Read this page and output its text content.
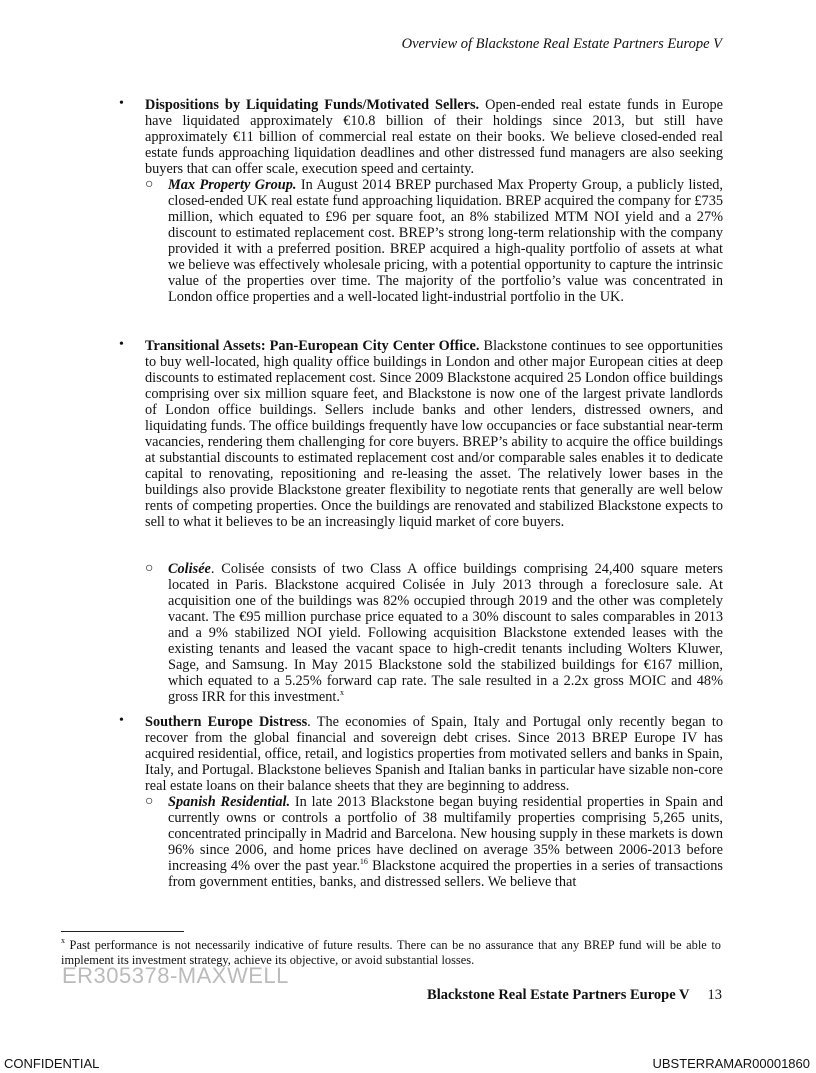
Overview of Blackstone Real Estate Partners Europe V
• Dispositions by Liquidating Funds/Motivated Sellers. Open-ended real estate funds in Europe have liquidated approximately €10.8 billion of their holdings since 2013, but still have approximately €11 billion of commercial real estate on their books. We believe closed-ended real estate funds approaching liquidation deadlines and other distressed fund managers are also seeking buyers that can offer scale, execution speed and certainty.
○ Max Property Group. In August 2014 BREP purchased Max Property Group, a publicly listed, closed-ended UK real estate fund approaching liquidation. BREP acquired the company for £735 million, which equated to £96 per square foot, an 8% stabilized MTM NOI yield and a 27% discount to estimated replacement cost. BREP’s strong long-term relationship with the company provided it with a preferred position. BREP acquired a high-quality portfolio of assets at what we believe was effectively wholesale pricing, with a potential opportunity to capture the intrinsic value of the properties over time. The majority of the portfolio’s value was concentrated in London office properties and a well-located light-industrial portfolio in the UK.
• Transitional Assets: Pan-European City Center Office. Blackstone continues to see opportunities to buy well-located, high quality office buildings in London and other major European cities at deep discounts to estimated replacement cost. Since 2009 Blackstone acquired 25 London office buildings comprising over six million square feet, and Blackstone is now one of the largest private landlords of London office buildings. Sellers include banks and other lenders, distressed owners, and liquidating funds. The office buildings frequently have low occupancies or face substantial near-term vacancies, rendering them challenging for core buyers. BREP’s ability to acquire the office buildings at substantial discounts to estimated replacement cost and/or comparable sales enables it to dedicate capital to renovating, repositioning and re-leasing the asset. The relatively lower bases in the buildings also provide Blackstone greater flexibility to negotiate rents that generally are well below rents of competing properties. Once the buildings are renovated and stabilized Blackstone expects to sell to what it believes to be an increasingly liquid market of core buyers.
○ Colisée. Colisée consists of two Class A office buildings comprising 24,400 square meters located in Paris. Blackstone acquired Colisée in July 2013 through a foreclosure sale. At acquisition one of the buildings was 82% occupied through 2019 and the other was completely vacant. The €95 million purchase price equated to a 30% discount to sales comparables in 2013 and a 9% stabilized NOI yield. Following acquisition Blackstone extended leases with the existing tenants and leased the vacant space to high-credit tenants including Wolters Kluwer, Sage, and Samsung. In May 2015 Blackstone sold the stabilized buildings for €167 million, which equated to a 5.25% forward cap rate. The sale resulted in a 2.2x gross MOIC and 48% gross IRR for this investment.$^x$
• Southern Europe Distress. The economies of Spain, Italy and Portugal only recently began to recover from the global financial and sovereign debt crises. Since 2013 BREP Europe IV has acquired residential, office, retail, and logistics properties from motivated sellers and banks in Spain, Italy, and Portugal. Blackstone believes Spanish and Italian banks in particular have sizable non-core real estate loans on their balance sheets that they are beginning to address.
○ Spanish Residential. In late 2013 Blackstone began buying residential properties in Spain and currently owns or controls a portfolio of 38 multifamily properties comprising 5,265 units, concentrated principally in Madrid and Barcelona. New housing supply in these markets is down 96% since 2006, and home prices have declined on average 35% between 2006-2013 before increasing 4% over the past year.$^{16}$ Blackstone acquired the properties in a series of transactions from government entities, banks, and distressed sellers. We believe that
$^x$ Past performance is not necessarily indicative of future results. There can be no assurance that any BREP fund will be able to implement its investment strategy, achieve its objective, or avoid substantial losses.
ER305378-MAXWELL
Blackstone Real Estate Partners Europe V 13
CONFIDENTIAL	UBSTERRAMAR00001860
